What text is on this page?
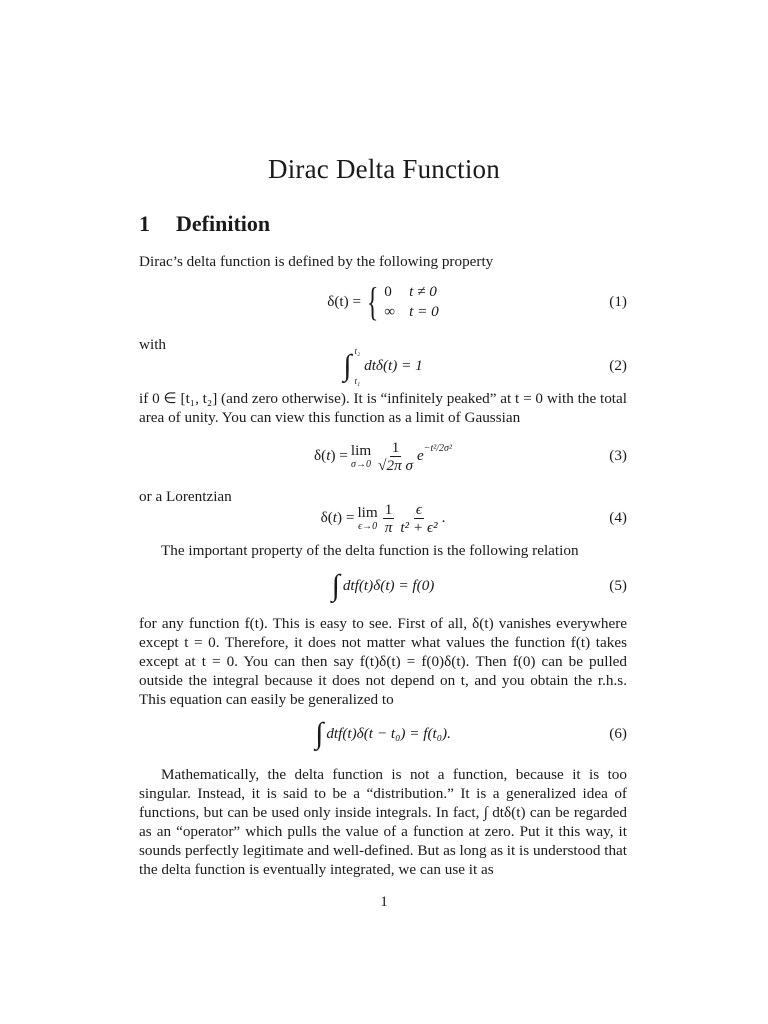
Dirac Delta Function
1 Definition
Dirac’s delta function is defined by the following property
δ(t) = { 0 t ≠ 0
∞ t = 0
(1)
with
∫ t₂
t₁
dtδ(t) = 1	(2)
if 0 ∈ [t₁, t₂] (and zero otherwise). It is “infinitely peaked” at t = 0 with the total area of unity. You can view this function as a limit of Gaussian
δ(t) = lim
$\sigma\to 0 \frac{1}{\text{√2π σ}}$ e $^{-t^2/2\sigma^2}$	(3)
or a Lorentzian
δ(t) = lim
$\epsilon\to 0 \frac{1}{\pi} \frac{\epsilon}{\text{t² + ϵ²}}$ .	(4)
The important property of the delta function is the following relation
∫ dtf(t)δ(t) = f(0)	(5)
for any function f(t). This is easy to see. First of all, δ(t) vanishes everywhere except t = 0. Therefore, it does not matter what values the function f(t) takes except at t = 0. You can then say f(t)δ(t) = f(0)δ(t). Then f(0) can be pulled outside the integral because it does not depend on t, and you obtain the r.h.s. This equation can easily be generalized to
∫ dtf(t)δ(t − t₀) = f(t₀).	(6)
Mathematically, the delta function is not a function, because it is too singular. Instead, it is said to be a “distribution.” It is a generalized idea of functions, but can be used only inside integrals. In fact, ∫ dtδ(t) can be regarded as an “operator” which pulls the value of a function at zero. Put it this way, it sounds perfectly legitimate and well-defined. But as long as it is understood that the delta function is eventually integrated, we can use it as
1
